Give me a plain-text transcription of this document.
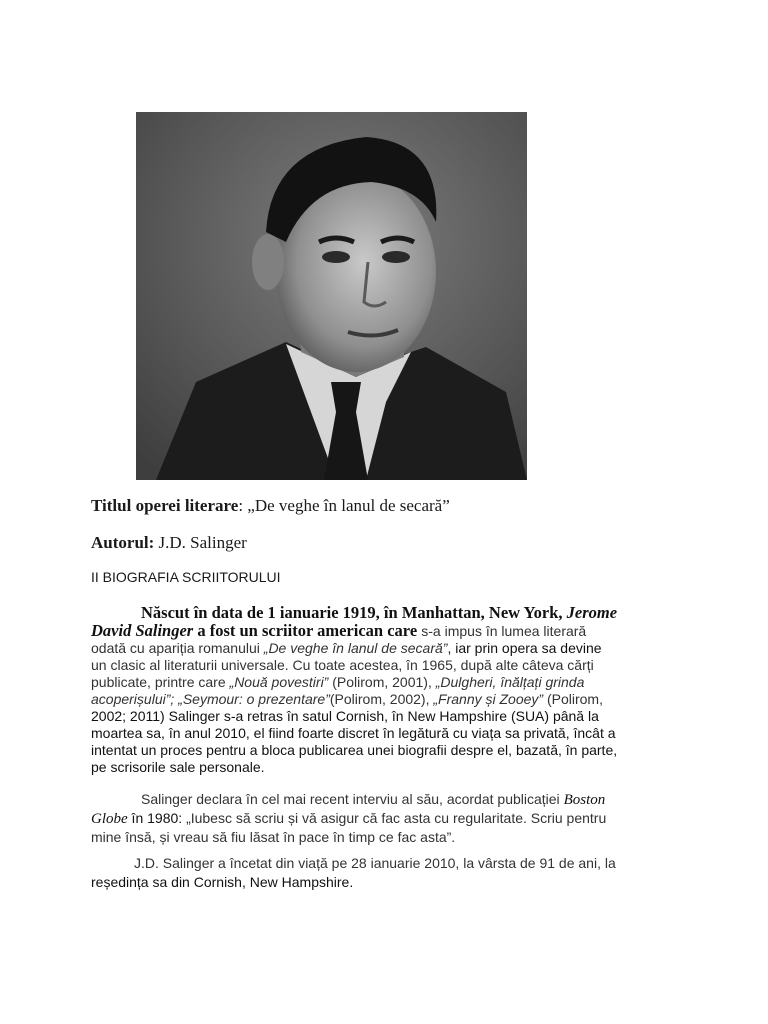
Titlul operei literare: „De veghe în lanul de secară”
Autorul: J.D. Salinger
II BIOGRAFIA SCRIITORULUI
Născut în data de 1 ianuarie 1919, în Manhattan, New York, Jerome
David Salinger a fost un scriitor american care s-a impus în lumea literară
odată cu apariția romanului „De veghe în lanul de secară”, iar prin opera sa devine
un clasic al literaturii universale. Cu toate acestea, în 1965, după alte câteva cărți
publicate, printre care „Nouă povestiri” (Polirom, 2001), „Dulgheri, înălțați grinda
acoperișului”; „Seymour: o prezentare”(Polirom, 2002), „Franny și Zooey” (Polirom,
2002; 2011) Salinger s-a retras în satul Cornish, în New Hampshire (SUA) până la
moartea sa, în anul 2010, el fiind foarte discret în legătură cu viața sa privată, încât a
intentat un proces pentru a bloca publicarea unei biografii despre el, bazată, în parte,
pe scrisorile sale personale.
Salinger declara în cel mai recent interviu al său, acordat publicației Boston
Globe în 1980: „Iubesc să scriu și vă asigur că fac asta cu regularitate. Scriu pentru
mine însă, și vreau să fiu lăsat în pace în timp ce fac asta”.
J.D. Salinger a încetat din viață pe 28 ianuarie 2010, la vârsta de 91 de ani, la
reședința sa din Cornish, New Hampshire.
